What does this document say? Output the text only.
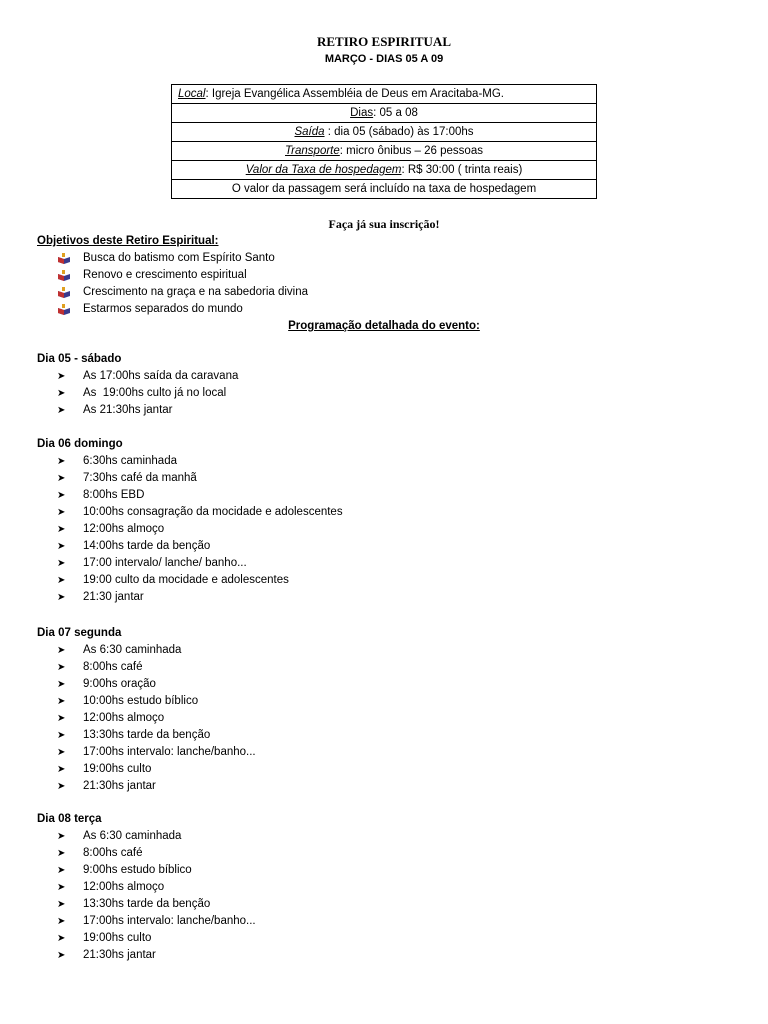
RETIRO ESPIRITUAL
MARÇO - DIAS 05 A 09
Local: Igreja Evangélica Assembléia de Deus em Aracitaba-MG.
Dias: 05 a 08
Saída : dia 05 (sábado) às 17:00hs
Transporte: micro ônibus – 26 pessoas
Valor da Taxa de hospedagem: R$ 30:00 ( trinta reais)
O valor da passagem será incluído na taxa de hospedagem
Faça já sua inscrição!
Objetivos deste Retiro Espiritual:
Busca do batismo com Espírito Santo
Renovo e crescimento espiritual
Crescimento na graça e na sabedoria divina
Estarmos separados do mundo
Programação detalhada do evento:
Dia 05 - sábado
➤ As 17:00hs saída da caravana
➤ As  19:00hs culto já no local
➤ As 21:30hs jantar
Dia 06 domingo
➤ 6:30hs caminhada
➤ 7:30hs café da manhã
➤ 8:00hs EBD
➤ 10:00hs consagração da mocidade e adolescentes
➤ 12:00hs almoço
➤ 14:00hs tarde da benção
➤ 17:00 intervalo/ lanche/ banho...
➤ 19:00 culto da mocidade e adolescentes
➤ 21:30 jantar
Dia 07 segunda
➤ As 6:30 caminhada
➤ 8:00hs café
➤ 9:00hs oração
➤ 10:00hs estudo bíblico
➤ 12:00hs almoço
➤ 13:30hs tarde da benção
➤ 17:00hs intervalo: lanche/banho...
➤ 19:00hs culto
➤ 21:30hs jantar
Dia 08 terça
➤ As 6:30 caminhada
➤ 8:00hs café
➤ 9:00hs estudo bíblico
➤ 12:00hs almoço
➤ 13:30hs tarde da benção
➤ 17:00hs intervalo: lanche/banho...
➤ 19:00hs culto
➤ 21:30hs jantar
